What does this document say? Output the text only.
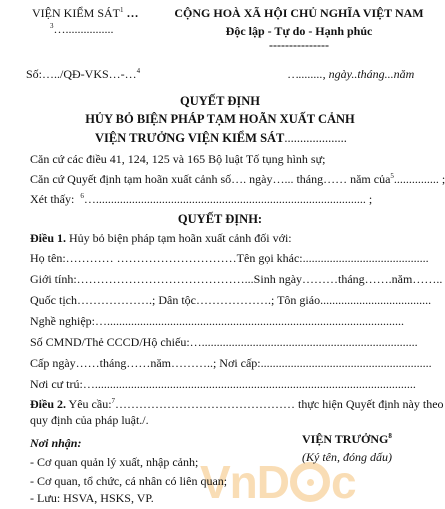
VIỆN KIỂM SÁT$^1$ …
$^3$…................
CỘNG HOÀ XÃ HỘI CHỦ NGHĨA VIỆT NAM
Độc lập - Tự do - Hạnh phúc
---------------
Số:…../QĐ-VKS…-…$^4$	…........, ngày..tháng...năm
QUYẾT ĐỊNH
HỦY BỎ BIỆN PHÁP TẠM HOÃN XUẤT CẢNH
VIỆN TRƯỞNG VIỆN KIỂM SÁT....................
Căn cứ các điều 41, 124, 125 và 165 Bộ luật Tố tụng hình sự;
Căn cứ Quyết định tạm hoãn xuất cảnh số…. ngày…... tháng…… năm của$^5$............... ;
Xét thấy: $^6$….......................................................................................... ;
QUYẾT ĐỊNH:
Điều 1. Hủy bỏ biện pháp tạm hoãn xuất cảnh đối với:
Họ tên:………… …………………………Tên gọi khác:..........................................
Giới tính:……………………………………...Sinh ngày………tháng…….năm……..
Quốc tịch……………….; Dân tộc……………….; Tôn giáo.....................................
Nghề nghiệp:…...................................................................................................
Số CMND/Thẻ CCCD/Hộ chiếu:…........................................................................
Cấp ngày……tháng……năm………..; Nơi cấp:.........................................................
Nơi cư trú:…...........................................................................................................
Điều 2. Yêu cầu:$^7$……………………………………… thực hiện Quyết định này theo
quy định của pháp luật./.
VnD c
Nơi nhận:
- Cơ quan quản lý xuất, nhập cảnh;
- Cơ quan, tổ chức, cá nhân có liên quan;
- Lưu: HSVA, HSKS, VP.
VIỆN TRƯỞNG$^8$
(Ký tên, đóng dấu)
